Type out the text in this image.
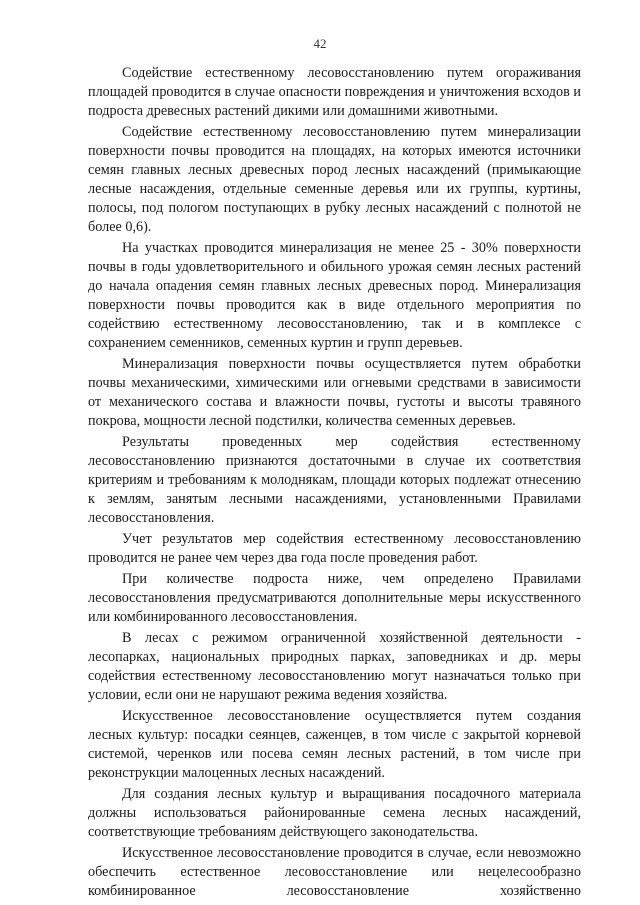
42

Содействие естественному лесовосстановлению путем огораживания площадей проводится в случае опасности повреждения и уничтожения всходов и подроста древесных растений дикими или домашними животными.

Содействие естественному лесовосстановлению путем минерализации поверхности почвы проводится на площадях, на которых имеются источники семян главных лесных древесных пород лесных насаждений (примыкающие лесные насаждения, отдельные семенные деревья или их группы, куртины, полосы, под пологом поступающих в рубку лесных насаждений с полнотой не более 0,6).

На участках проводится минерализация не менее 25 - 30% поверхности почвы в годы удовлетворительного и обильного урожая семян лесных растений до начала опадения семян главных лесных древесных пород. Минерализация поверхности почвы проводится как в виде отдельного мероприятия по содействию естественному лесовосстановлению, так и в комплексе с сохранением семенников, семенных куртин и групп деревьев.

Минерализация поверхности почвы осуществляется путем обработки почвы механическими, химическими или огневыми средствами в зависимости от механического состава и влажности почвы, густоты и высоты травяного покрова, мощности лесной подстилки, количества семенных деревьев.

Результаты проведенных мер содействия естественному лесовосстановлению признаются достаточными в случае их соответствия критериям и требованиям к молоднякам, площади которых подлежат отнесению к землям, занятым лесными насаждениями, установленными Правилами лесовосстановления.

Учет результатов мер содействия естественному лесовосстановлению проводится не ранее чем через два года после проведения работ.

При количестве подроста ниже, чем определено Правилами лесовосстановления предусматриваются дополнительные меры искусственного или комбинированного лесовосстановления.

В лесах с режимом ограниченной хозяйственной деятельности - лесопарках, национальных природных парках, заповедниках и др. меры содействия естественному лесовосстановлению могут назначаться только при условии, если они не нарушают режима ведения хозяйства.

Искусственное лесовосстановление осуществляется путем создания лесных культур: посадки сеянцев, саженцев, в том числе с закрытой корневой системой, черенков или посева семян лесных растений, в том числе при реконструкции малоценных лесных насаждений.

Для создания лесных культур и выращивания посадочного материала должны использоваться районированные семена лесных насаждений, соответствующие требованиям действующего законодательства.

Искусственное лесовосстановление проводится в случае, если невозможно обеспечить естественное лесовосстановление или нецелесообразно комбинированное лесовосстановление хозяйственно
